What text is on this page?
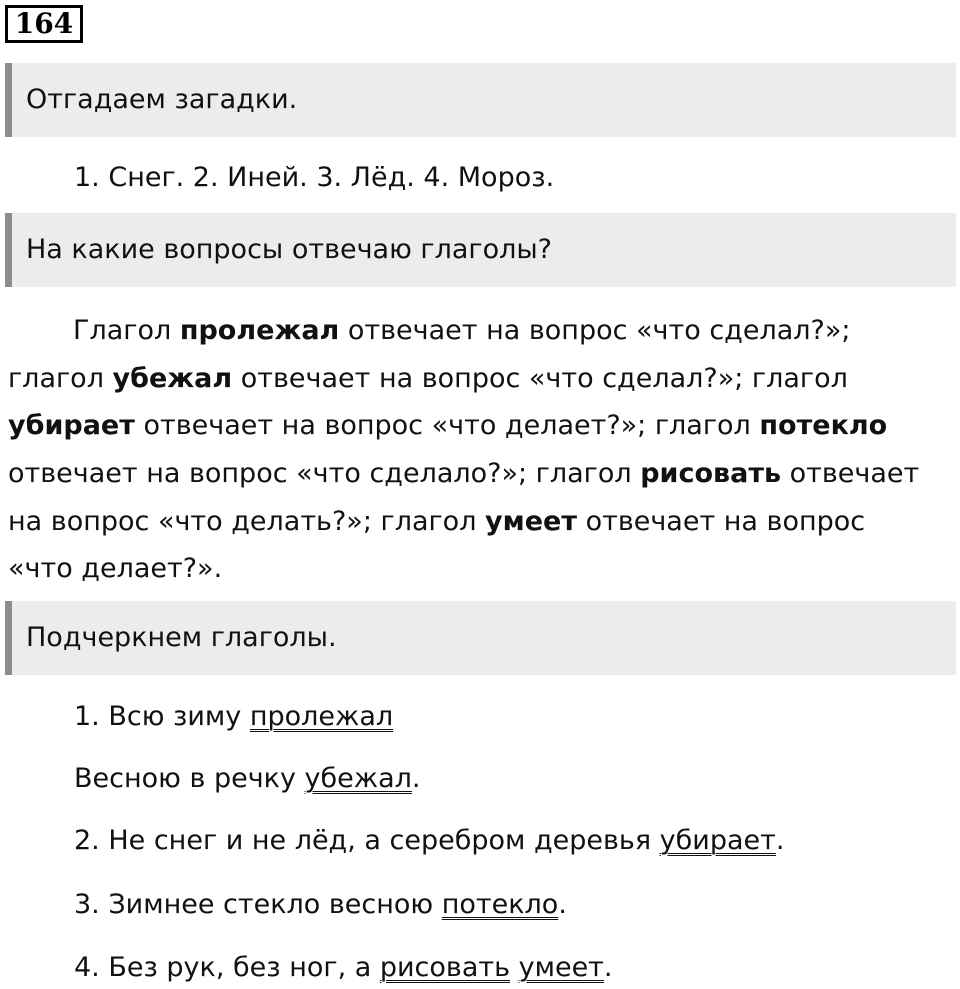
164
Отгадаем загадки.
1. Снег. 2. Иней. 3. Лёд. 4. Мороз.
На какие вопросы отвечаю глаголы?
Глагол пролежал отвечает на вопрос «что сделал?»;
глагол убежал отвечает на вопрос «что сделал?»; глагол
убирает отвечает на вопрос «что делает?»; глагол потекло
отвечает на вопрос «что сделало?»; глагол рисовать отвечает
на вопрос «что делать?»; глагол умеет отвечает на вопрос
«что делает?».
Подчеркнем глаголы.
1. Всю зиму пролежал
Весною в речку убежал.
2. Не снег и не лёд, а серебром деревья убирает.
3. Зимнее стекло весною потекло.
4. Без рук, без ног, а рисовать умеет.
